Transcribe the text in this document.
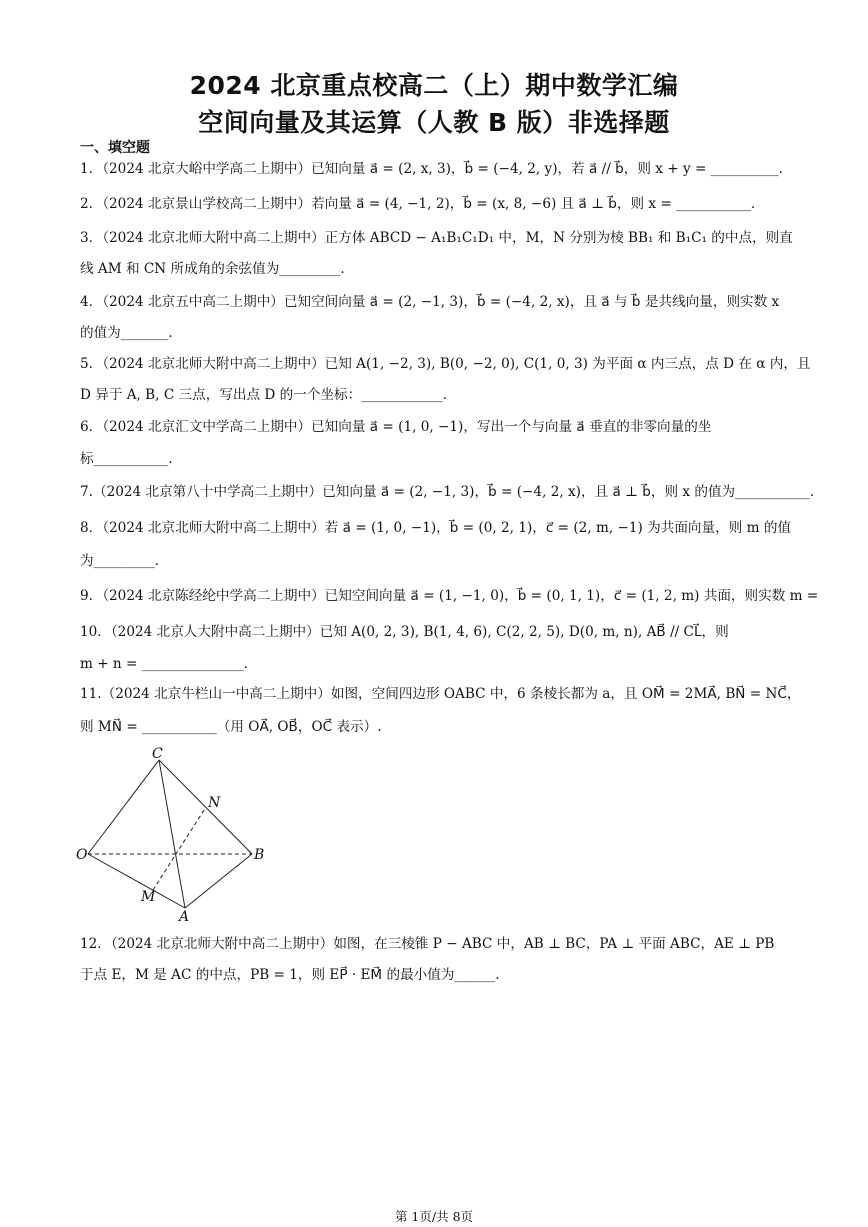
2024 北京重点校高二（上）期中数学汇编
空间向量及其运算（人教 B 版）非选择题
一、填空题
1．（2024 北京大峪中学高二上期中）已知向量 a⃗ = (2, x, 3)，b⃗ = (−4, 2, y)，若 a⃗ // b⃗，则 x + y = __________.
2．（2024 北京景山学校高二上期中）若向量 a⃗ = (4, −1, 2)，b⃗ = (x, 8, −6) 且 a⃗ ⊥ b⃗，则 x = ___________.
3．（2024 北京北师大附中高二上期中）正方体 ABCD − A₁B₁C₁D₁ 中，M，N 分别为棱 BB₁ 和 B₁C₁ 的中点，则直
线 AM 和 CN 所成角的余弦值为_________.
4．（2024 北京五中高二上期中）已知空间向量 a⃗ = (2, −1, 3)，b⃗ = (−4, 2, x)，且 a⃗ 与 b⃗ 是共线向量，则实数 x
的值为_______.
5．（2024 北京北师大附中高二上期中）已知 A(1, −2, 3), B(0, −2, 0), C(1, 0, 3) 为平面 α 内三点，点 D 在 α 内，且
D 异于 A, B, C 三点，写出点 D 的一个坐标：____________.
6．（2024 北京汇文中学高二上期中）已知向量 a⃗ = (1, 0, −1)，写出一个与向量 a⃗ 垂直的非零向量的坐
标___________.
7.（2024 北京第八十中学高二上期中）已知向量 a⃗ = (2, −1, 3)，b⃗ = (−4, 2, x)，且 a⃗ ⊥ b⃗，则 x 的值为___________.
8．（2024 北京北师大附中高二上期中）若 a⃗ = (1, 0, −1)，b⃗ = (0, 2, 1)，c⃗ = (2, m, −1) 为共面向量，则 m 的值
为_________.
9．（2024 北京陈经纶中学高二上期中）已知空间向量 a⃗ = (1, −1, 0)，b⃗ = (0, 1, 1)，c⃗ = (1, 2, m) 共面，则实数 m =
10．（2024 北京人大附中高二上期中）已知 A(0, 2, 3), B(1, 4, 6), C(2, 2, 5), D(0, m, n), AB⃗ // CL⃗，则
m + n = _______________.
11.（2024 北京牛栏山一中高二上期中）如图，空间四边形 OABC 中，6 条棱长都为 a，且 OM⃗ = 2MA⃗, BN⃗ = NC⃗，
则 MN⃗ = ___________（用 OA⃗, OB⃗，OC⃗ 表示）.
C
N
O	B
M
A
12．（2024 北京北师大附中高二上期中）如图，在三棱锥 P − ABC 中，AB ⊥ BC，PA ⊥ 平面 ABC，AE ⊥ PB
于点 E，M 是 AC 的中点，PB = 1，则 EP⃗ · EM⃗ 的最小值为______.
第 1页/共 8页
